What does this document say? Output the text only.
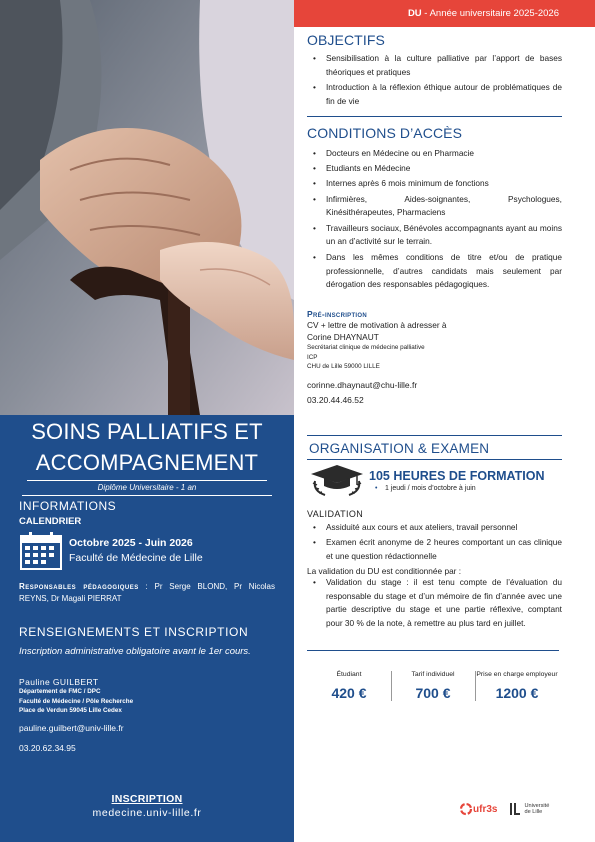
SOINS PALLIATIFS ET
ACCOMPAGNEMENT
Diplôme Universitaire - 1 an
INFORMATIONS
CALENDRIER
Octobre 2025 - Juin 2026
Faculté de Médecine de Lille
Responsables pédagogiques : Pr Serge BLOND, Pr Nicolas REYNS, Dr Magali PIERRAT
RENSEIGNEMENTS ET INSCRIPTION
Inscription administrative obligatoire avant le 1er cours.
Pauline GUILBERT
Département de FMC / DPC
Faculté de Médecine / Pôle Recherche
Place de Verdun 59045 Lille Cedex
pauline.guilbert@univ-lille.fr
03.20.62.34.95
INSCRIPTION
medecine.univ-lille.fr
DU - Année universitaire 2025-2026
OBJECTIFS
• Sensibilisation à la culture palliative par l’apport de bases théoriques et pratiques
• Introduction à la réflexion éthique autour de problématiques de fin de vie
CONDITIONS D’ACCÈS
• Docteurs en Médecine ou en Pharmacie
• Etudiants en Médecine
• Internes après 6 mois minimum de fonctions
• Infirmières, Aides-soignantes, Psychologues, Kinésithérapeutes, Pharmaciens
• Travailleurs sociaux, Bénévoles accompagnants ayant au moins un an d’activité sur le terrain.
• Dans les mêmes conditions de titre et/ou de pratique professionnelle, d’autres candidats mais seulement par dérogation des responsables pédagogiques.
Pré-inscription
CV + lettre de motivation à adresser à
Corine DHAYNAUT
Secrétariat clinique de médecine palliative
ICP
CHU de Lille 59000 LILLE
corinne.dhaynaut@chu-lille.fr
03.20.44.46.52
ORGANISATION & EXAMEN
105 HEURES DE FORMATION
• 1 jeudi / mois d’octobre à juin
VALIDATION
• Assiduité aux cours et aux ateliers, travail personnel
• Examen écrit anonyme de 2 heures comportant un cas clinique et une question rédactionnelle
La validation du DU est conditionnée par :
• Validation du stage : il est tenu compte de l’évaluation du responsable du stage et d’un mémoire de fin d’année avec une partie descriptive du stage et une partie réflexive, comptant pour 30 % de la note, à remettre au plus tard en juillet.
Étudiant
420 €
Tarif individuel
700 €
Prise en charge employeur
1200 €
ufr3s	Université
de Lille
